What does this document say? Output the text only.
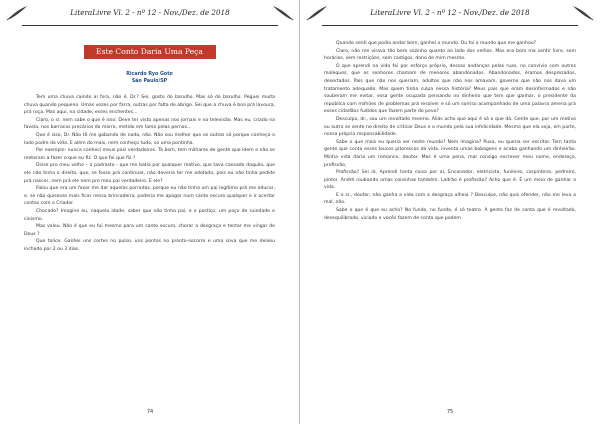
LiteraLivre Vl. 2 - nº 12 - Nov./Dez. de 2018
Este Conto Daria Uma Peça
Ricardo Ryo Goto
São Paulo/SP

Tem uma chuva caindo aí fora, não é, Dr.? Sei, gosto do barulho. Mas só do barulho. Peguei muita chuva quando pequeno. Umas vezes por farra, outras por falta de abrigo. Sei que a chuva é boa prá lavoura, prá roça. Mas aqui, na cidade, esses enchentes...

Claro, o sr. nem sabe o que é isso: Deve ter visto apenas nos jornais e na televisão. Mas eu, criado na favela, nos barracos precários do morro, metido em lama pelas pernas...

Que é isso, Dr. Não tô me gabando de nada, não. Não sou melhor que os outros só porque conheço o lado podre da vida. E além do mais, nem conheço tudo, só uma pontinha.

Por exemplo: nunca conheci meus pais verdadeiros. Tá bom, tem milhares de gente que idem e não se meteram a fazer o que eu fiz. O que foi que fiz ?

Disse pro meu velho – o padrasto - que me batia por qualquer motivo, que tava cansado daquilo, que ele não tinha o direito, que, se fosse prá continuar, não deveria ter me adotado, pois eu não tinha pedido prá nascer, nem prá ele nem pro meu pai verdadeiro. E ele?

Falou que era um favor me dar aquelas porradas, porque eu não tinha um pai legítimo prá me educar, e, se não quisesse mais ficar nessa brincadeira, poderia me apagar num canto escuro qualquer e ir acertar contas com o Criador.

Chocado? Imagine eu, naquela idade, saber que não tinha pai, e o postiço, um poço de ruindade e cinismo.

Mas valeu. Não é que eu fui mesmo para um canto escuro, chorar a desgraça e tentar me vingar de Deus ?

Que tolice. Ganhei uns cortes no pulso, uns pontos no pronto-socorro e uma sova que me deixou inchado por 2 ou 3 dias.

74
LiteraLivre Vl. 2 - nº 12 - Nov./Dez. de 2018

Quando senti que podia andar bem, ganhei o mundo. Ou foi o mundo que me ganhou?

Claro, não me virava tão bem sozinho quanto ao lado dos velhos. Mas era bom me sentir livre, sem horários, sem restrições, sem castigos, dono de mim mesmo.

O que aprendi na vida foi por esforço próprio, dessas andanças pelas ruas, no convívio com outros moleques, que os senhores chamam de menores abandonados. Abandonados, éramos desprezados, desertados. Pais que não nos queriam, adultos que não nos amavam, governo que não nos dava um tratamento adequado. Mas quem tinha culpa nessa história? Meus pais que eram desinformados e não souberam me evitar, essa gente ocupada pensando no dinheiro que tem que ganhar, o presidente da república com milhões de problemas prá resolver e só um sorriso acompanhado de uma palavra amena prá esses cidadãos fudidos que fazem parte do povo?

Desculpa, dr., sou um revoltado mesmo. Aliás acho que aqui é só o que dá. Gente que, por um motivo ou outro se sente no direito de criticar Deus e o mundo pela sua infelicidade. Mesmo que ela seja, em parte, nossa própria responsabilidade.

Sabe o que mais eu queria ser neste mundo? Nem imagina? Puxa, eu queria ser escritor. Tem tanta gente que conta esses loucos pitorescos da vida, inventa umas bobagens e acaba ganhando um dinheirão. Minha vida daria um romance, doutor. Mas é uma pena, mal consigo escrever meu nome, endereço, profissão,

Profissão? Sei lá. Aprendi tanta coisa por aí, Encanador, eletricista, funileiro, carpinteiro, pedreiro, pintor. André roubando umas coisinhas também. Ladrão é profissão? Acho que é. É um meio de ganhar a vida.

E o sr., doutor, não ganha a vida com a desgraça alheia ? Desculpe, não quis ofender, não me leva a mal, não.

Sabe o que é que eu acho? No fundo, no fundo, é só teatro. A gente faz de conta que é revoltado, desequilibrado, viciado e vocês fazem de conta que podem

75
